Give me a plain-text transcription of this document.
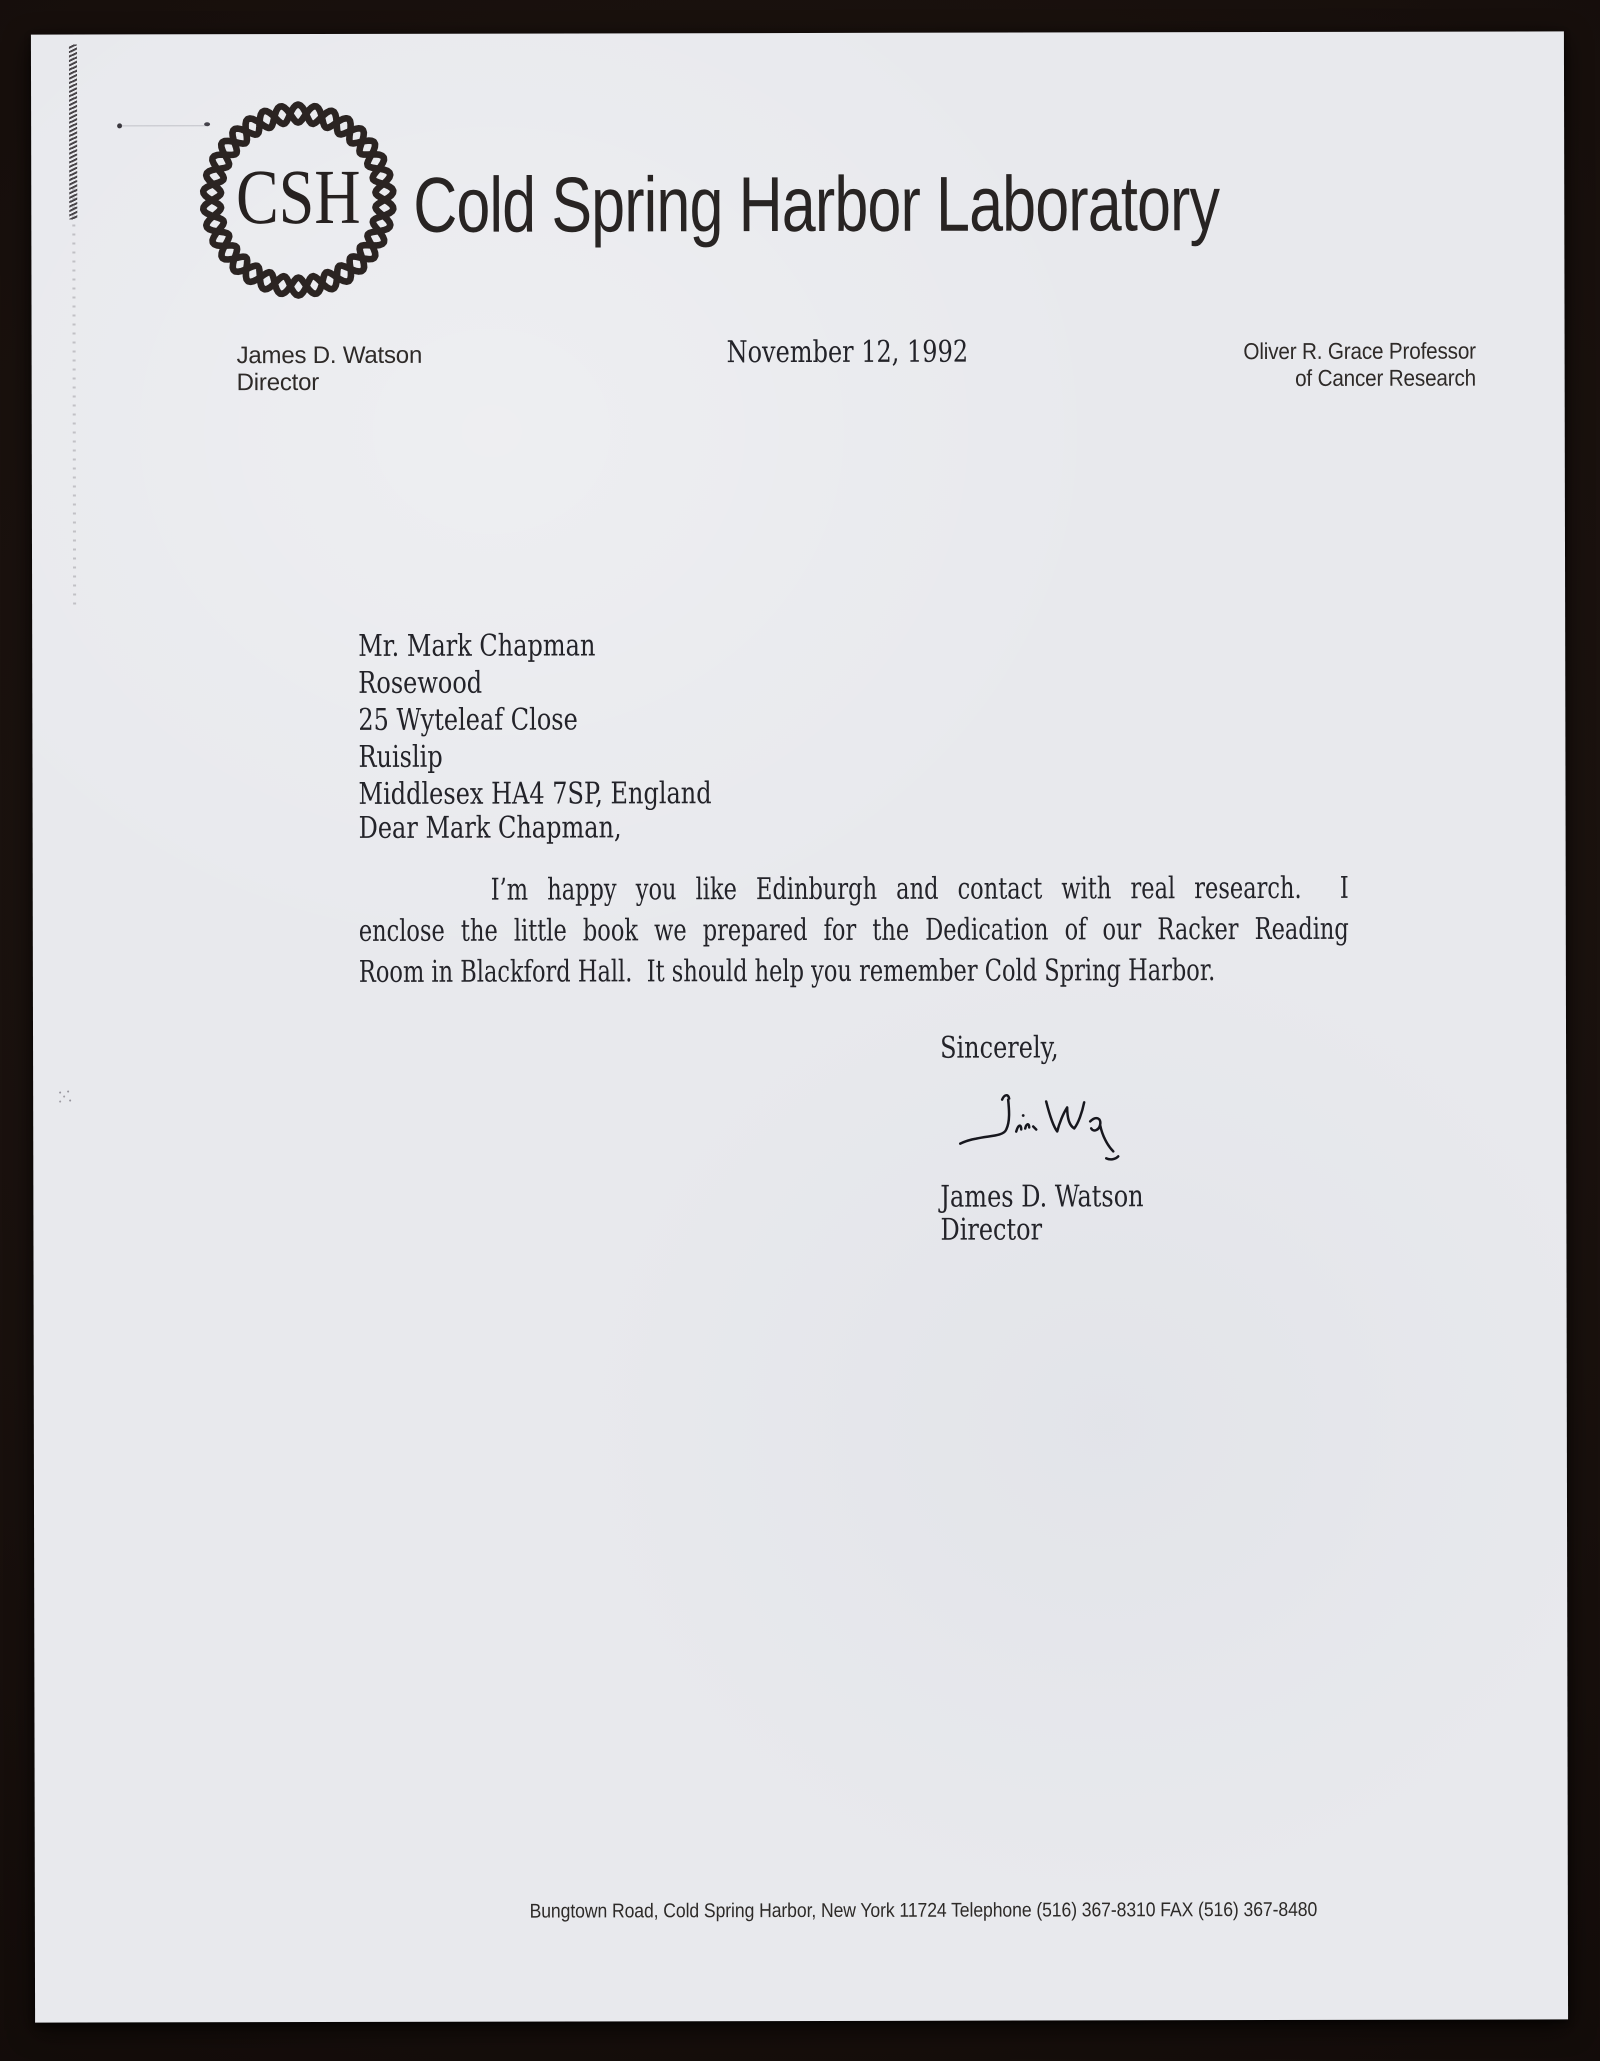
CSH Cold Spring Harbor Laboratory
James D. Watson
Director
November 12, 1992	Oliver R. Grace Professor
of Cancer Research
Mr. Mark Chapman
Rosewood
25 Wyteleaf Close
Ruislip
Middlesex HA4 7SP, England
Dear Mark Chapman,
I’m happy you like Edinburgh and contact with real research.  I
enclose the little book we prepared for the Dedication of our Racker Reading
Room in Blackford Hall.  It should help you remember Cold Spring Harbor.
Sincerely,
James D. Watson
Director
Bungtown Road, Cold Spring Harbor, New York 11724 Telephone (516) 367-8310 FAX (516) 367-8480
